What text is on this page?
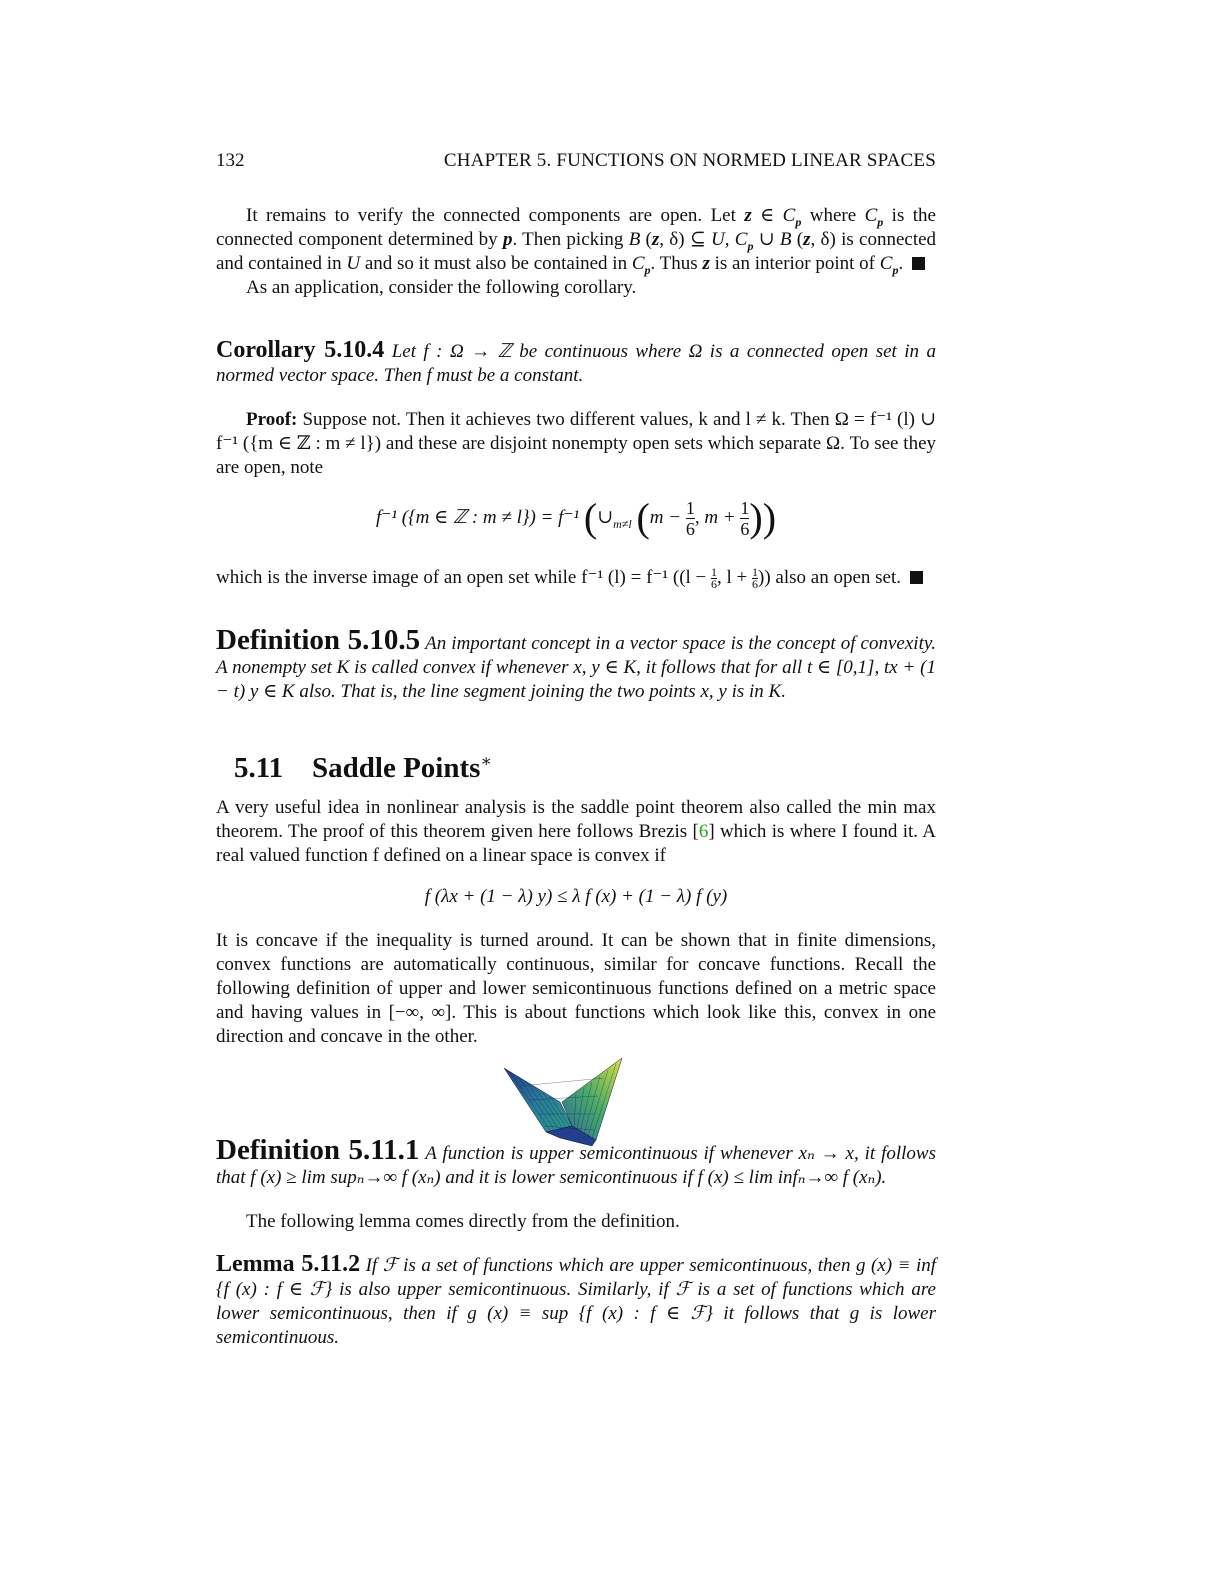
132	CHAPTER 5. FUNCTIONS ON NORMED LINEAR SPACES

It remains to verify the connected components are open. Let z ∈ $C_p$ where $C_p$ is the connected component determined by p. Then picking B (z, δ) ⊆ U, $C_p$ ∪ B (z, δ) is connected and contained in U and so it must also be contained in $C_p$. Thus z is an interior point of $C_p$.

As an application, consider the following corollary.

Corollary 5.10.4 Let f : Ω → ℤ be continuous where Ω is a connected open set in a normed vector space. Then f must be a constant.

Proof: Suppose not. Then it achieves two different values, k and l ≠ k. Then Ω = f⁻¹ (l) ∪ f⁻¹ ({m ∈ ℤ : m ≠ l}) and these are disjoint nonempty open sets which separate Ω. To see they are open, note

f⁻¹ ({m ∈ ℤ : m ≠ l}) = f⁻¹ ($\cup_{m\ne l}$ ($m - \frac{1}{6}$ , $m + \frac{1}{6}$ ))

which is the inverse image of an open set while f⁻¹ (l) = f⁻¹ (($l - \frac{1}{6}$ , $l + \frac{1}{6}$ )) also an open set.

Definition 5.10.5 An important concept in a vector space is the concept of convexity. A nonempty set K is called convex if whenever x, y ∈ K, it follows that for all t ∈ [0,1], tx + (1 − t) y ∈ K also. That is, the line segment joining the two points x, y is in K.

5.11 Saddle Points∗

A very useful idea in nonlinear analysis is the saddle point theorem also called the min max theorem. The proof of this theorem given here follows Brezis [6] which is where I found it. A real valued function f defined on a linear space is convex if

f (λx + (1 − λ) y) ≤ λ f (x) + (1 − λ) f (y)

It is concave if the inequality is turned around. It can be shown that in finite dimensions, convex functions are automatically continuous, similar for concave functions. Recall the following definition of upper and lower semicontinuous functions defined on a metric space and having values in [−∞, ∞]. This is about functions which look like this, convex in one direction and concave in the other.

Definition 5.11.1 A function is upper semicontinuous if whenever xₙ → x, it follows that f (x) ≥ lim supₙ→∞ f (xₙ) and it is lower semicontinuous if f (x) ≤ lim infₙ→∞ f (xₙ).

The following lemma comes directly from the definition.

Lemma 5.11.2 If ℱ is a set of functions which are upper semicontinuous, then g (x) ≡ inf {f (x) : f ∈ ℱ} is also upper semicontinuous. Similarly, if ℱ is a set of functions which are lower semicontinuous, then if g (x) ≡ sup {f (x) : f ∈ ℱ} it follows that g is lower semicontinuous.
